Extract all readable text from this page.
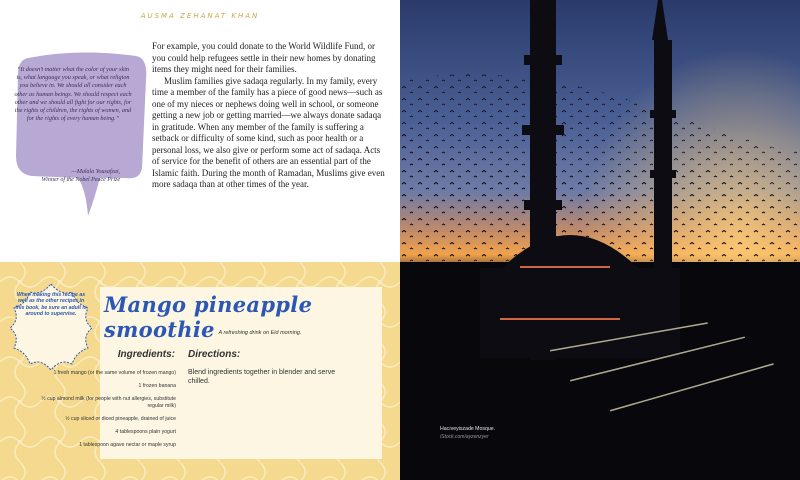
AUSMA ZEHANAT KHAN
“It doesn’t matter what the color of your skin is, what language you speak, or what religion you believe in. We should all consider each other as human beings. We should respect each other and we should all fight for our rights, for the rights of children, the rights of women, and for the rights of every human being.”
—Malala Yousafzai,
Winner of the Nobel Peace Prize

For example, you could donate to the World Wildlife Fund, or you could help refugees settle in their new homes by donating items they might need for their families.

Muslim families give sadaqa regularly. In my family, every time a member of the family has a piece of good news—such as one of my nieces or nephews doing well in school, or someone getting a new job or getting married—we always donate sadaqa in gratitude. When any member of the family is suffering a setback or difficulty of some kind, such as poor health or a personal loss, we also give or perform some act of sadaqa. Acts of service for the benefit of others are an essential part of the Islamic faith. During the month of Ramadan, Muslims give even more sadaqa than at other times of the year.

Mango pineapple smoothie A refreshing drink on Eid morning.
Ingredients: Directions:
1 fresh mango (or the same volume of frozen mango)
1 frozen banana
½ cup almond milk (for people with nut allergies, substitute regular milk)
½ cup sliced or diced pineapple, drained of juice
4 tablespoons plain yogurt
1 tablespoon agave nectar or maple syrup
Blend ingredients together in blender and serve chilled.
When making this recipe as well as the other recipes in this book, be sure an adult is around to supervise.
Hacıveyiszade Mosque.
iStock.com/ayzenzyer
